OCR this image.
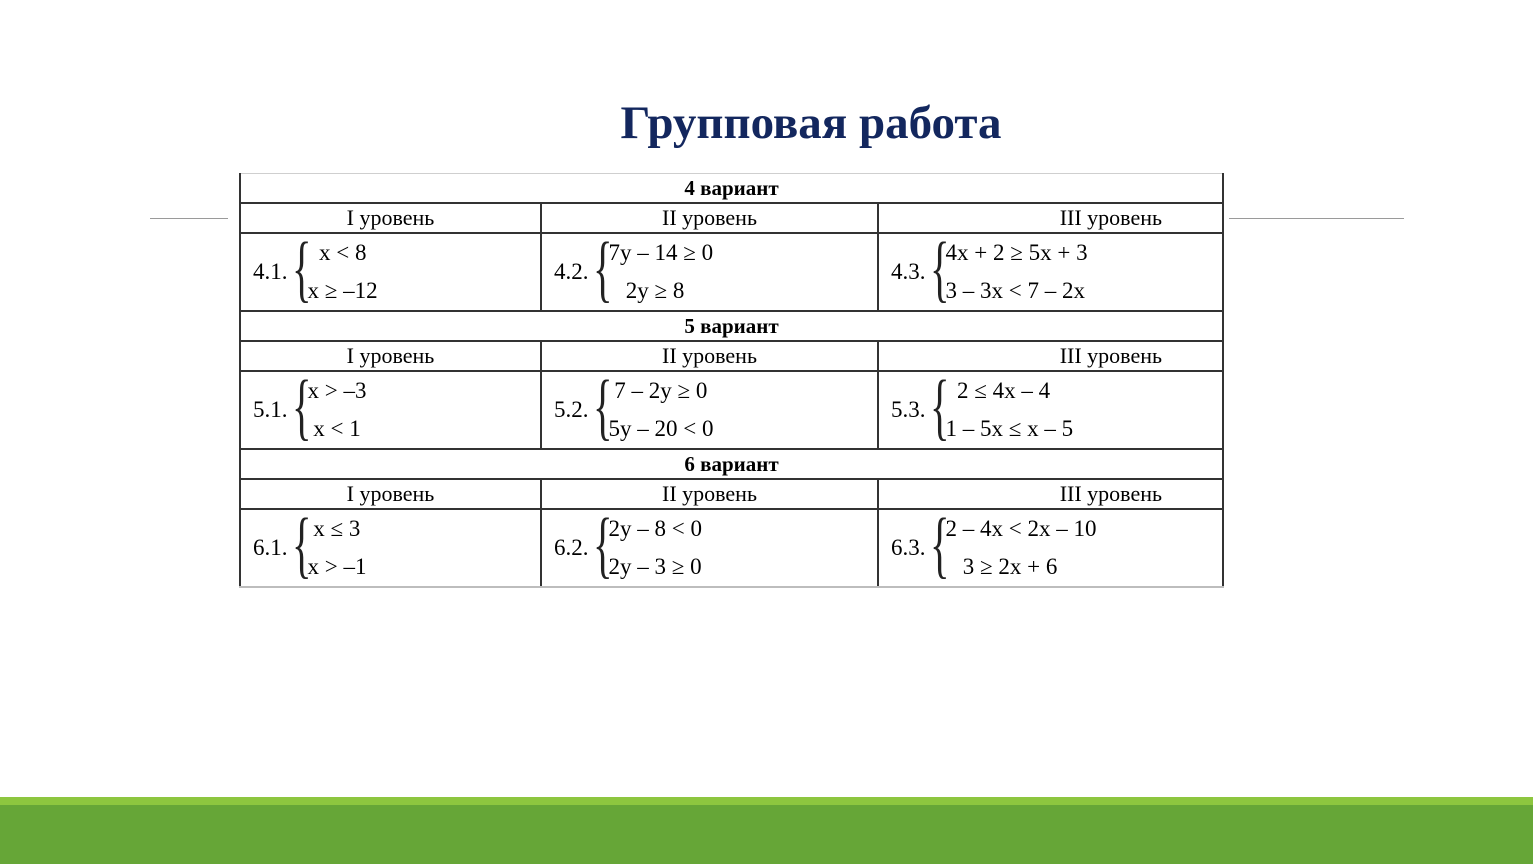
Групповая работа
4 вариант		
I уровень	II уровень	III уровень

4.1. {
x < 8
x ≥ –12	4.2. {
7y – 14 ≥ 0
2y ≥ 8	4.3. {
4x + 2 ≥ 5x + 3
3 – 3x < 7 – 2x

5 вариант		
I уровень	II уровень	III уровень

5.1. {
x > –3
x < 1	5.2. {
7 – 2y ≥ 0
5y – 20 < 0	5.3. {
2 ≤ 4x – 4
1 – 5x ≤ x – 5

6 вариант		
I уровень	II уровень	III уровень

6.1. {
x ≤ 3
x > –1	6.2. {
2y – 8 < 0
2y – 3 ≥ 0	6.3. {
2 – 4x < 2x – 10
3 ≥ 2x + 6
